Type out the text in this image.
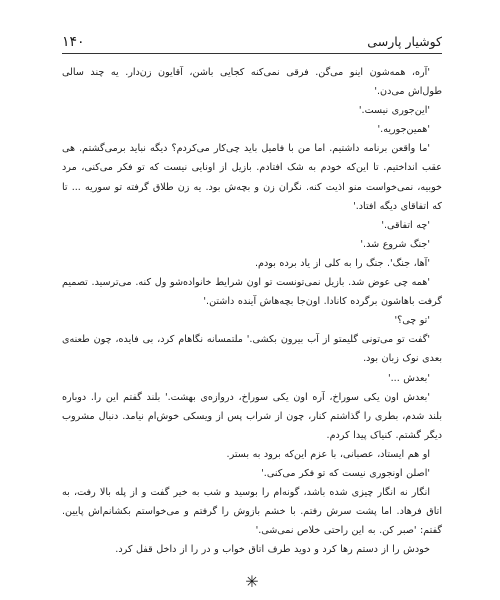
کوشیار پارسی
۱۴۰

'آره، همه‌شون اینو می‌گن. فرقی نمی‌کنه کجایی باشن، آقایون زن‌دار. یه چند سالی طول‌اش می‌دن.'

'این‌جوری نیست.'

'همین‌جوریه.'

'ما واقعن برنامه داشتیم. اما من با فامیل باید چی‌کار می‌کردم؟ دیگه نباید برمی‌گشتم. هی عقب انداختیم. تا این‌که خودم به شک افتادم. بازیل از اونایی نیست که تو فکر می‌کنی، مرد خوبیه، نمی‌خواست منو اذیت کنه. نگران زن و بچه‌ش بود. یه زن طلاق گرفته تو سوریه ... تا که اتفاقای دیگه افتاد.'

'چه اتفاقی.'

'جنگ شروع شد.'

'آها، جنگ'. جنگ را به کلی از یاد برده بودم.

'همه چی عوض شد. بازیل نمی‌تونست تو اون شرایط خانواده‌شو ول کنه. می‌ترسید. تصمیم گرفت باهاشون برگرده کانادا. اون‌جا بچه‌هاش آینده داشتن.'

'تو چی؟'

'گفت تو می‌تونی گلیمتو از آب بیرون بکشی.' ملتمسانه نگاهام کرد، بی فایده، چون طعنه‌ی بعدی نوک زبان بود.

'بعدش ...'

'بعدش اون یکی سوراخ، آره اون یکی سوراخ، دروازه‌ی بهشت.' بلند گفتم این را. دوباره بلند شدم، بطری را گذاشتم کنار، چون از شراب پس از ویسکی خوش‌ام نیامد. دنبال مشروب دیگر گشتم. کنیاک پیدا کردم.

او هم ایستاد، عصبانی، با عزم این‌که برود به بستر.

'اصلن اونجوری نیست که تو فکر می‌کنی.'

انگار نه انگار چیزی شده باشد، گونه‌ام را بوسید و شب به خیر گفت و از پله بالا رفت، به اتاق فرهاد. اما پشت سرش رفتم. با خشم بازوش را گرفتم و می‌خواستم بکشانم‌اش پایین. گفتم: 'صبر کن. به این راحتی خلاص نمی‌شی.'

خودش را از دستم رها کرد و دوید طرف اتاق خواب و در را از داخل قفل کرد.

✳
